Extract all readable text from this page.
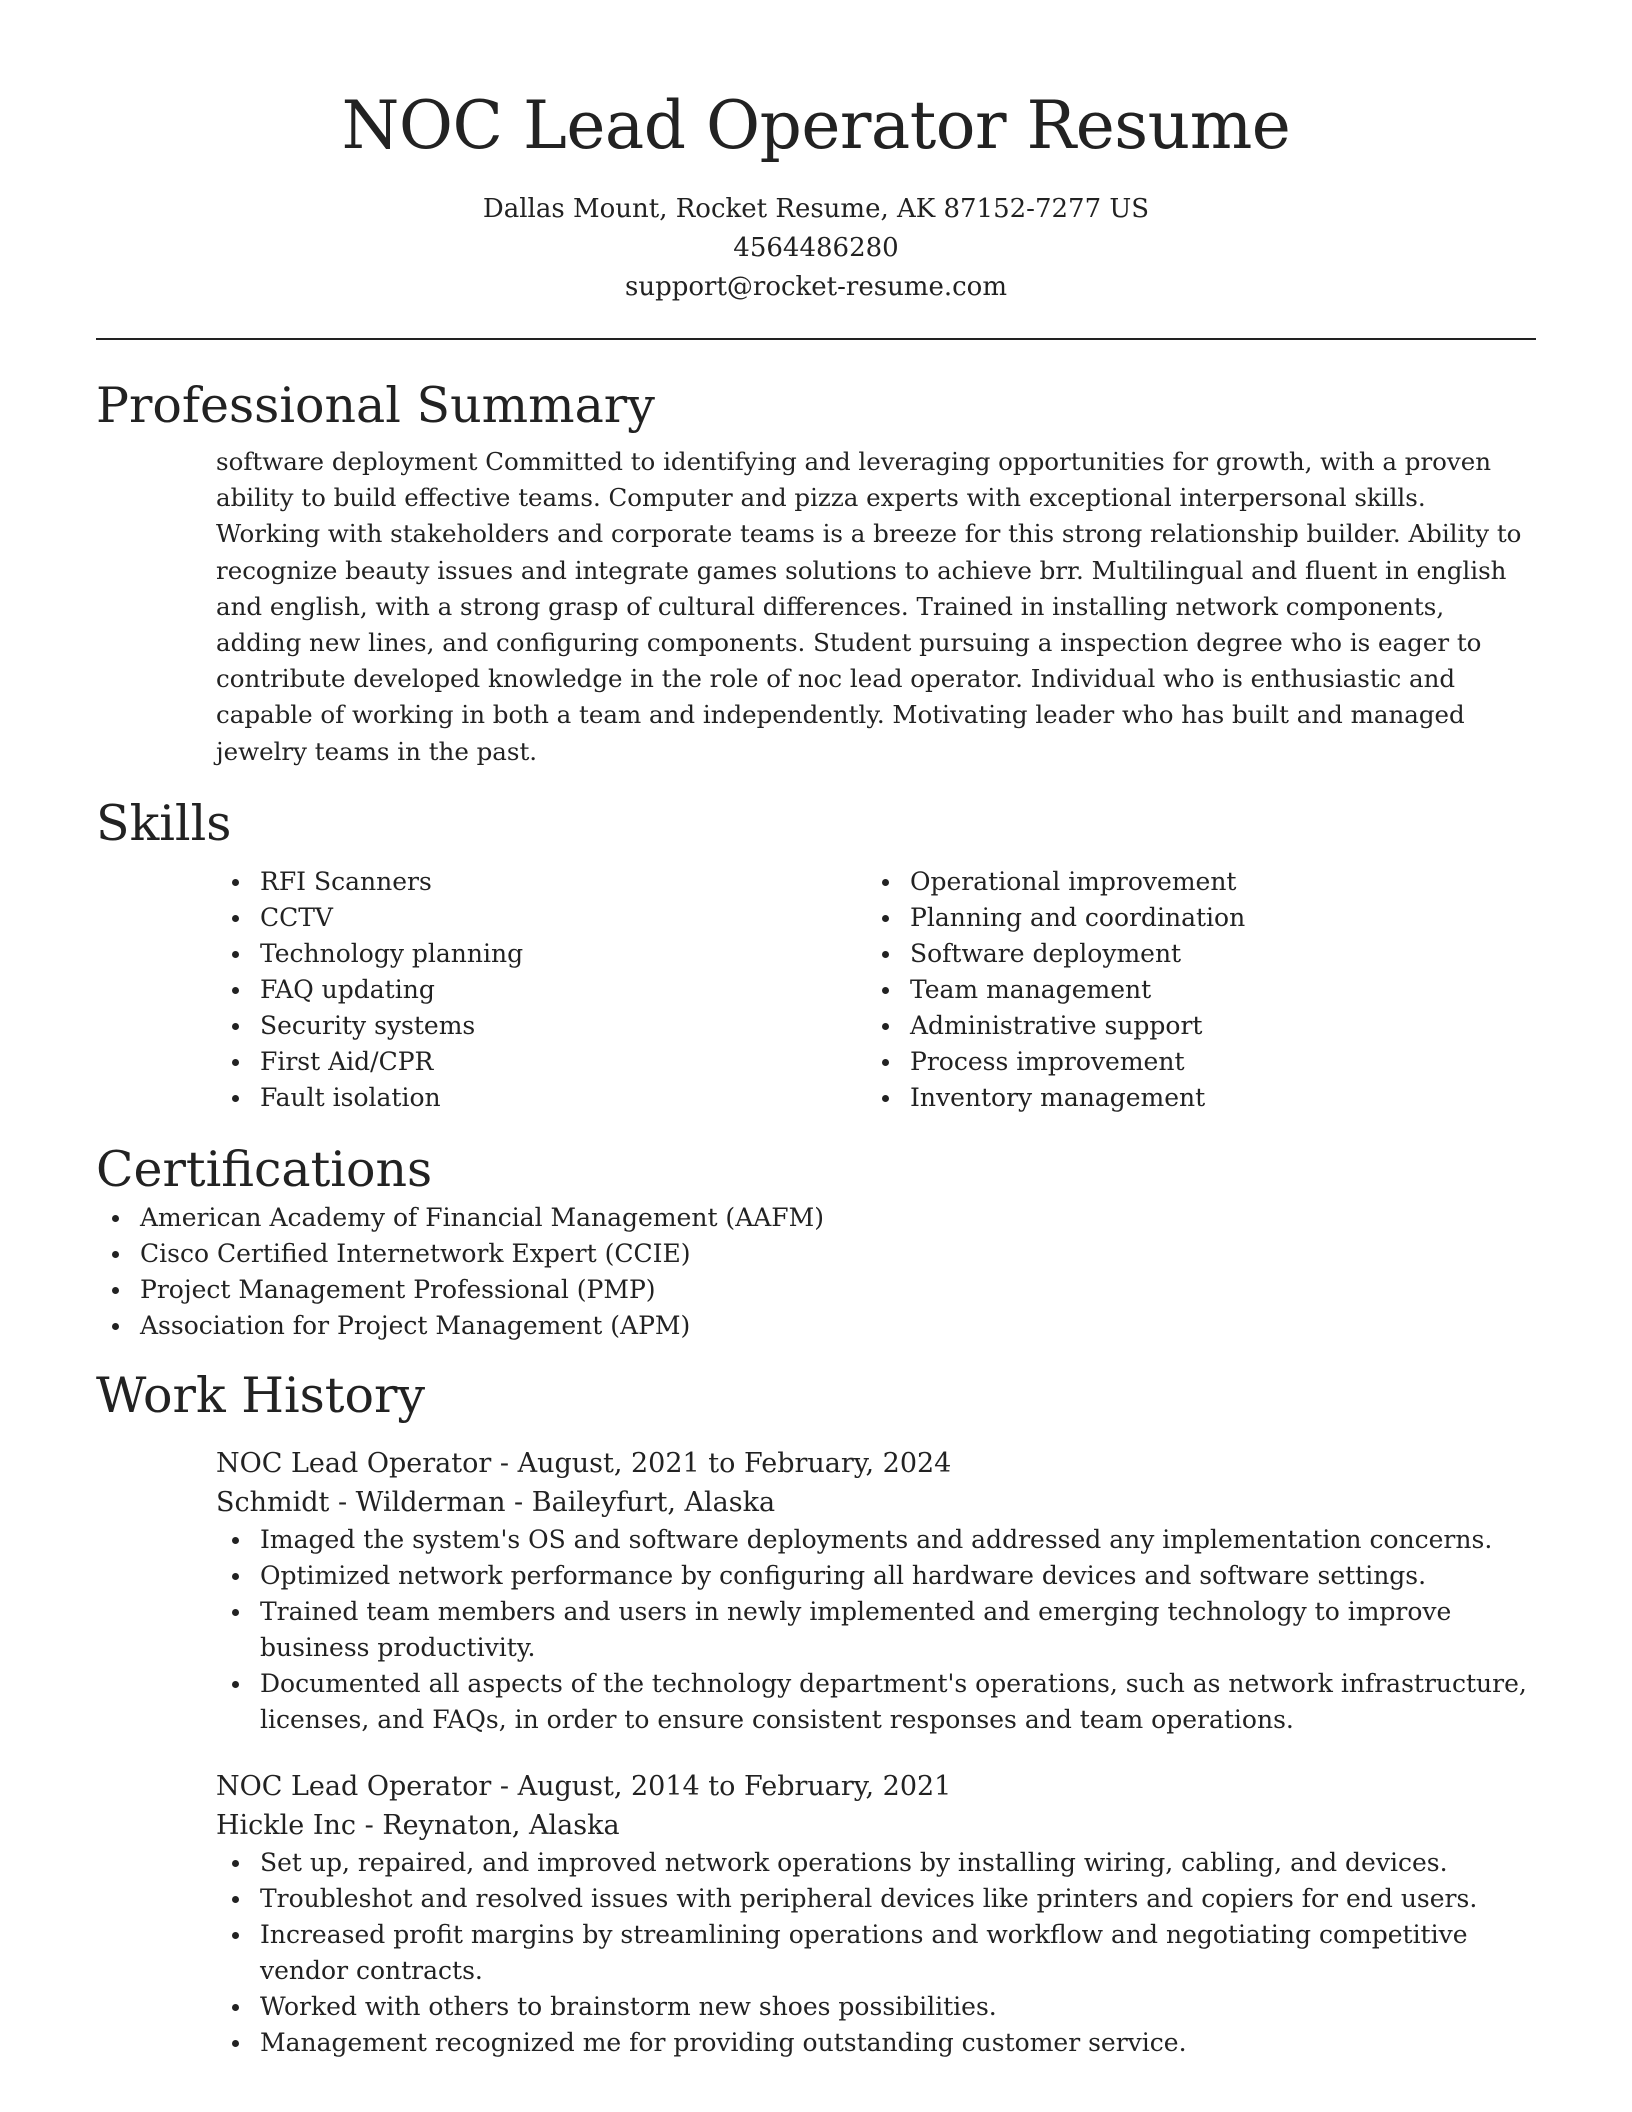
NOC Lead Operator Resume
Dallas Mount, Rocket Resume, AK 87152-7277 US
4564486280
support@rocket-resume.com
Professional Summary

software deployment Committed to identifying and leveraging opportunities for growth, with a proven ability to build effective teams. Computer and pizza experts with exceptional interpersonal skills. Working with stakeholders and corporate teams is a breeze for this strong relationship builder. Ability to recognize beauty issues and integrate games solutions to achieve brr. Multilingual and fluent in english and english, with a strong grasp of cultural differences. Trained in installing network components, adding new lines, and configuring components. Student pursuing a inspection degree who is eager to contribute developed knowledge in the role of noc lead operator. Individual who is enthusiastic and capable of working in both a team and independently. Motivating leader who has built and managed jewelry teams in the past.

Skills
RFI Scanners
CCTV
Technology planning
FAQ updating
Security systems
First Aid/CPR
Fault isolation
Operational improvement
Planning and coordination
Software deployment
Team management
Administrative support
Process improvement
Inventory management
Certifications
American Academy of Financial Management (AAFM)
Cisco Certified Internetwork Expert (CCIE)
Project Management Professional (PMP)
Association for Project Management (APM)
Work History
NOC Lead Operator - August, 2021 to February, 2024
Schmidt - Wilderman - Baileyfurt, Alaska
Imaged the system's OS and software deployments and addressed any implementation concerns.
Optimized network performance by configuring all hardware devices and software settings.
Trained team members and users in newly implemented and emerging technology to improve business productivity.
Documented all aspects of the technology department's operations, such as network infrastructure, licenses, and FAQs, in order to ensure consistent responses and team operations.
NOC Lead Operator - August, 2014 to February, 2021
Hickle Inc - Reynaton, Alaska
Set up, repaired, and improved network operations by installing wiring, cabling, and devices.
Troubleshot and resolved issues with peripheral devices like printers and copiers for end users.
Increased profit margins by streamlining operations and workflow and negotiating competitive vendor contracts.
Worked with others to brainstorm new shoes possibilities.
Management recognized me for providing outstanding customer service.
